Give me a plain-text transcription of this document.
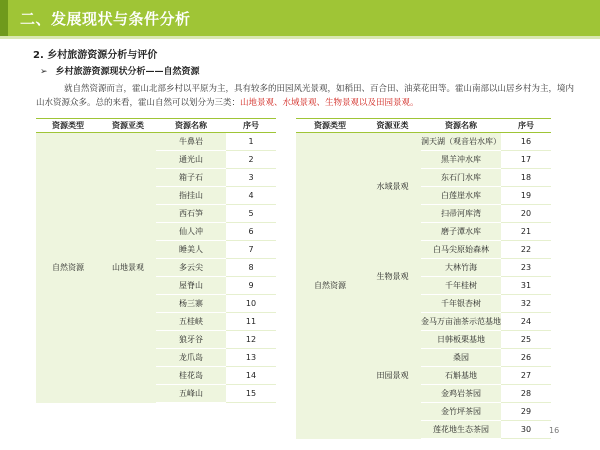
二、发展现状与条件分析
2. 乡村旅游资源分析与评价
➢ 乡村旅游资源现状分析——自然资源
就自然资源而言，霍山北部乡村以平原为主，具有较多的田园风光景观，如稻田、百合田、油菜花田等。霍山南部以山居乡村为主，境内
山水资源众多。总的来看，霍山自然可以划分为三类：山地景观、水域景观、生物景观以及田园景观。
资源类型	资源亚类	资源名称	序号
自然资源	山地景观	牛鼻岩	1
		通光山	2
		箱子石	3
		指挂山	4
		西石笋	5
		仙人冲	6
		睡美人	7
		多云尖	8
		屋脊山	9
		杨三寨	10
		五桂峡	11
		狼牙谷	12
		龙爪岛	13
		桂花岛	14
		五峰山	15
资源类型	资源亚类	资源名称	序号
自然资源	水域景观	洞天湖（观音岩水库）	16
		黑羊冲水库	17
		东石门水库	18
		白莲崖水库	19
		扫帚河库湾	20
		磨子潭水库	21
	生物景观	白马尖原始森林	22
		大林竹海	23
		千年桂树	31
		千年银杏树	32
	田园景观	金马万亩油茶示范基地	24
		日韩板栗基地	25
		桑园	26
		石斛基地	27
		金鸡岩茶园	28
		金竹坪茶园	29
		莲花地生态茶园	30 16
